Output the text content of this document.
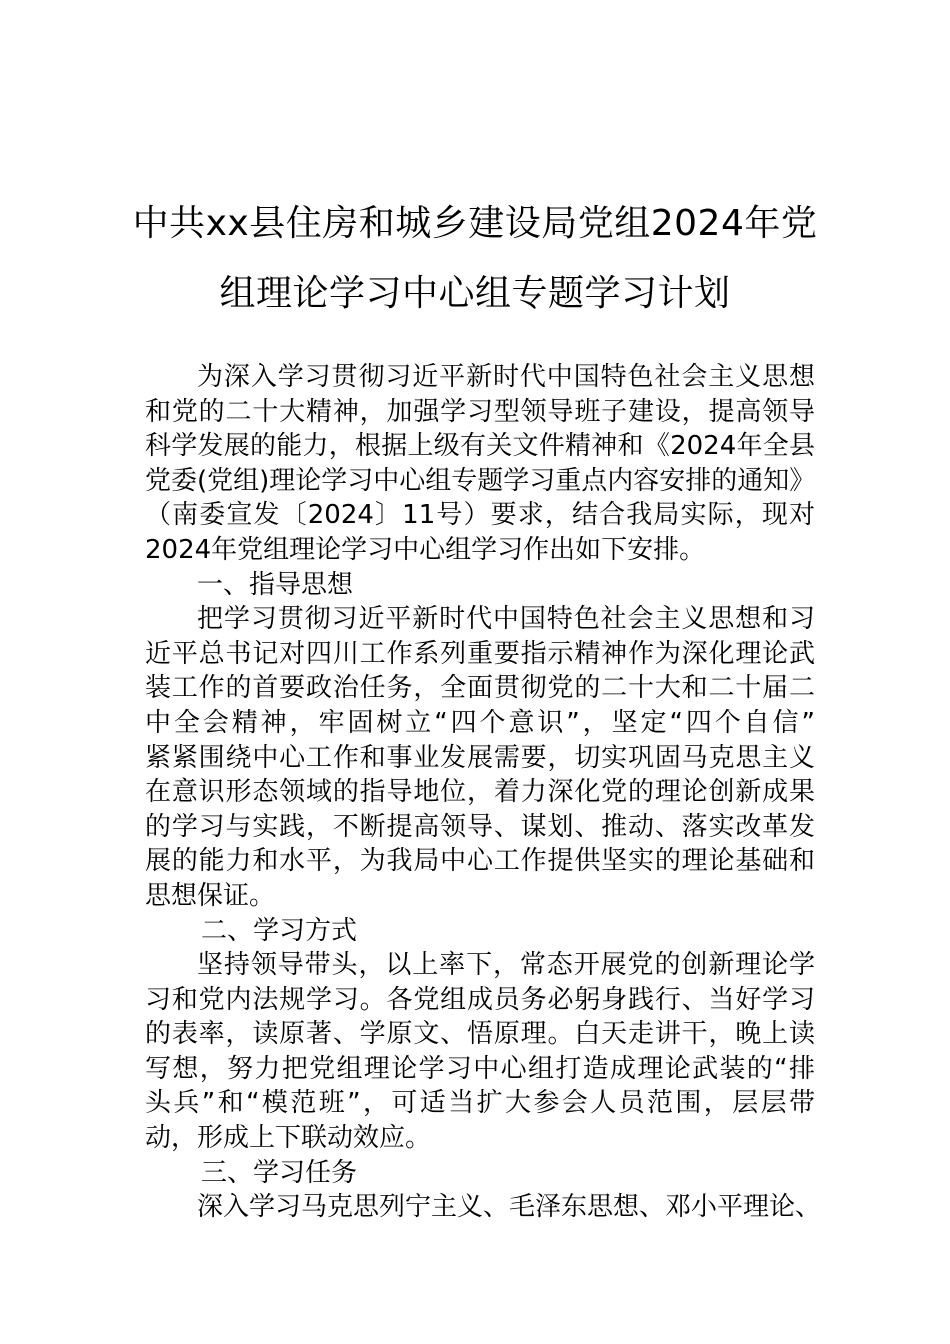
中共xx县住房和城乡建设局党组2024年党
组理论学习中心组专题学习计划
为深入学习贯彻习近平新时代中国特色社会主义思想
和党的二十大精神，加强学习型领导班子建设，提高领导
科学发展的能力，根据上级有关文件精神和《2024年全县
党委(党组)理论学习中心组专题学习重点内容安排的通知》
（南委宣发〔2024〕11号）要求，结合我局实际，现对
2024年党组理论学习中心组学习作出如下安排。
一、指导思想
把学习贯彻习近平新时代中国特色社会主义思想和习
近平总书记对四川工作系列重要指示精神作为深化理论武
装工作的首要政治任务，全面贯彻党的二十大和二十届二
中全会精神，牢固树立“四个意识”，坚定“四个自信”
紧紧围绕中心工作和事业发展需要，切实巩固马克思主义
在意识形态领域的指导地位，着力深化党的理论创新成果
的学习与实践，不断提高领导、谋划、推动、落实改革发
展的能力和水平，为我局中心工作提供坚实的理论基础和
思想保证。
二、学习方式
坚持领导带头，以上率下，常态开展党的创新理论学
习和党内法规学习。各党组成员务必躬身践行、当好学习
的表率，读原著、学原文、悟原理。白天走讲干，晚上读
写想，努力把党组理论学习中心组打造成理论武装的“排
头兵”和“模范班”，可适当扩大参会人员范围，层层带
动，形成上下联动效应。
三、学习任务
深入学习马克思列宁主义、毛泽东思想、邓小平理论、
